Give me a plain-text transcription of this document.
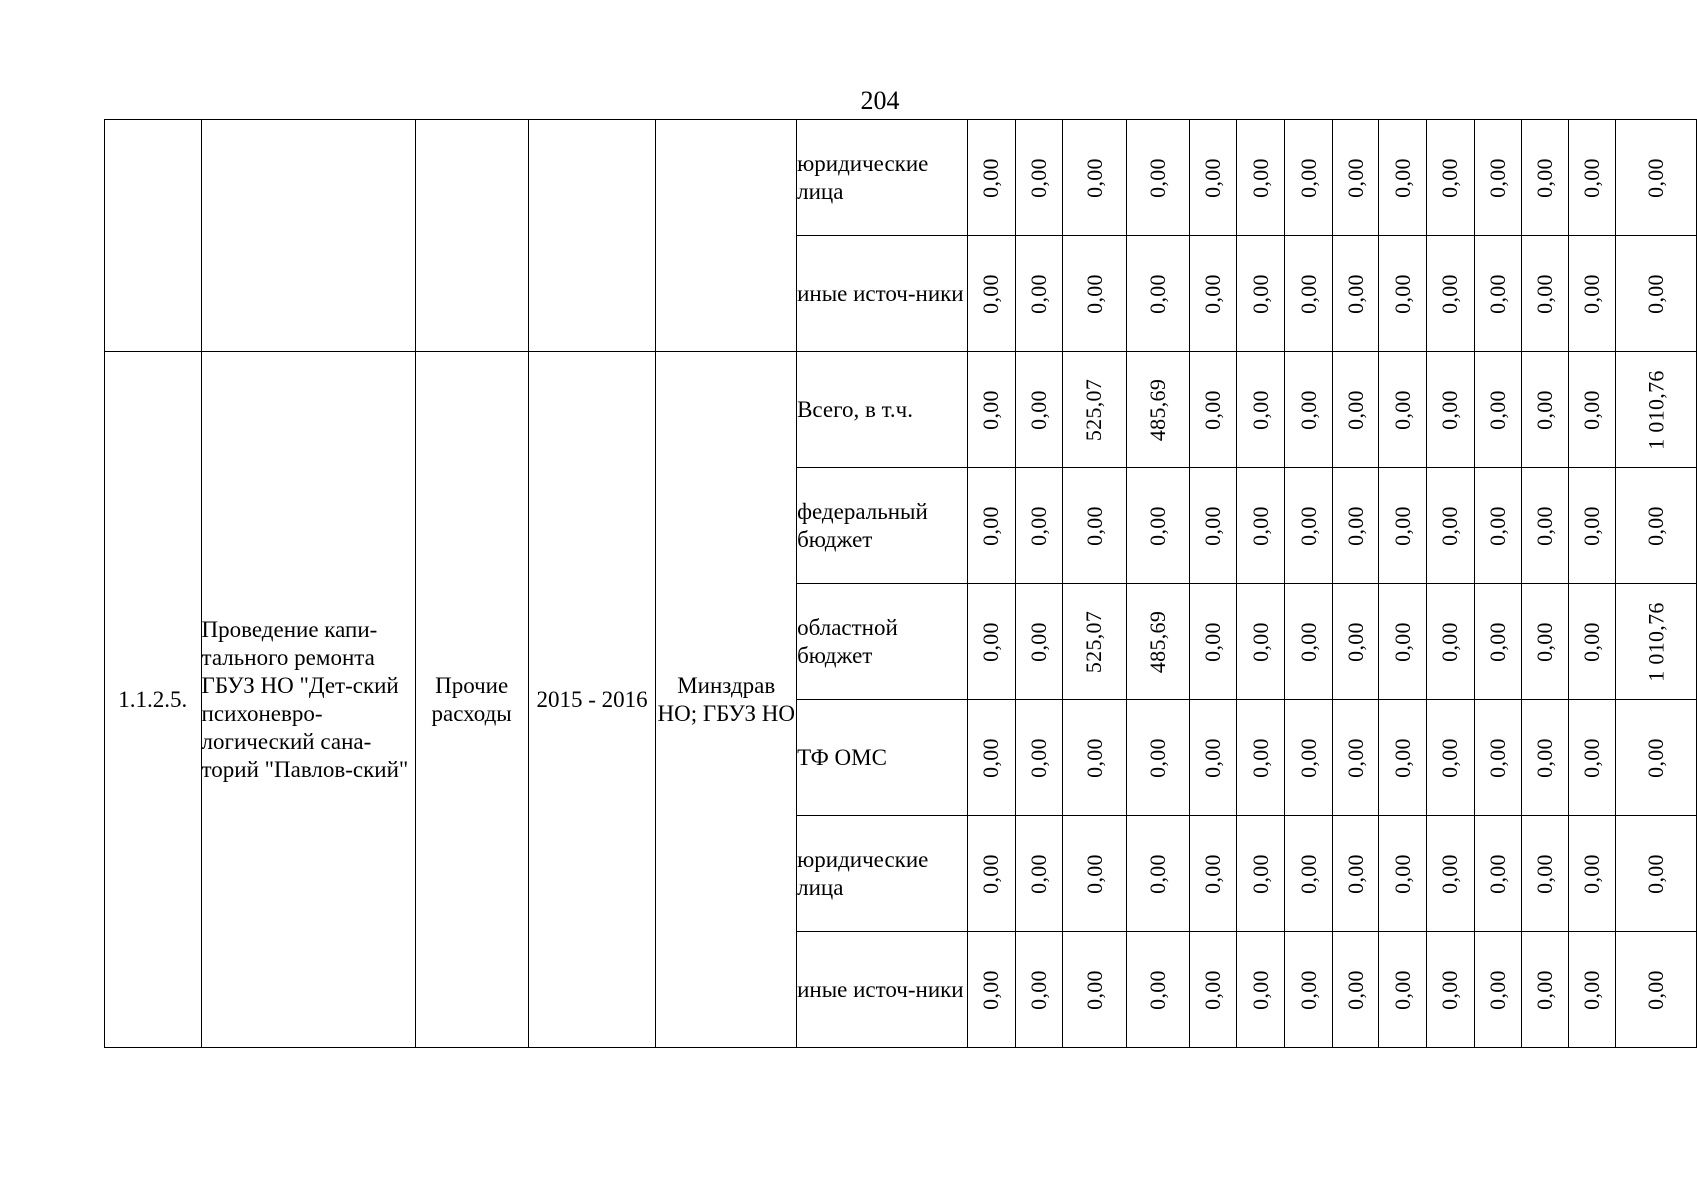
204
					юридические лица	0,00	0,00	0,00	0,00	0,00	0,00	0,00	0,00	0,00	0,00	0,00	0,00	0,00	0,00
					иные источ-ники	0,00	0,00	0,00	0,00	0,00	0,00	0,00	0,00	0,00	0,00	0,00	0,00	0,00	0,00
1.1.2.5.	Проведение капи-тального ремонта ГБУЗ НО "Дет-ский психоневро-логический сана-торий "Павлов-ский"	Прочие расходы	2015 - 2016	Минздрав НО; ГБУЗ НО	Всего, в т.ч.	0,00	0,00	525,07	485,69	0,00	0,00	0,00	0,00	0,00	0,00	0,00	0,00	0,00	1 010,76
					федеральный бюджет	0,00	0,00	0,00	0,00	0,00	0,00	0,00	0,00	0,00	0,00	0,00	0,00	0,00	0,00
					областной бюджет	0,00	0,00	525,07	485,69	0,00	0,00	0,00	0,00	0,00	0,00	0,00	0,00	0,00	1 010,76
					ТФ ОМС	0,00	0,00	0,00	0,00	0,00	0,00	0,00	0,00	0,00	0,00	0,00	0,00	0,00	0,00
					юридические лица	0,00	0,00	0,00	0,00	0,00	0,00	0,00	0,00	0,00	0,00	0,00	0,00	0,00	0,00
					иные источ-ники	0,00	0,00	0,00	0,00	0,00	0,00	0,00	0,00	0,00	0,00	0,00	0,00	0,00	0,00
